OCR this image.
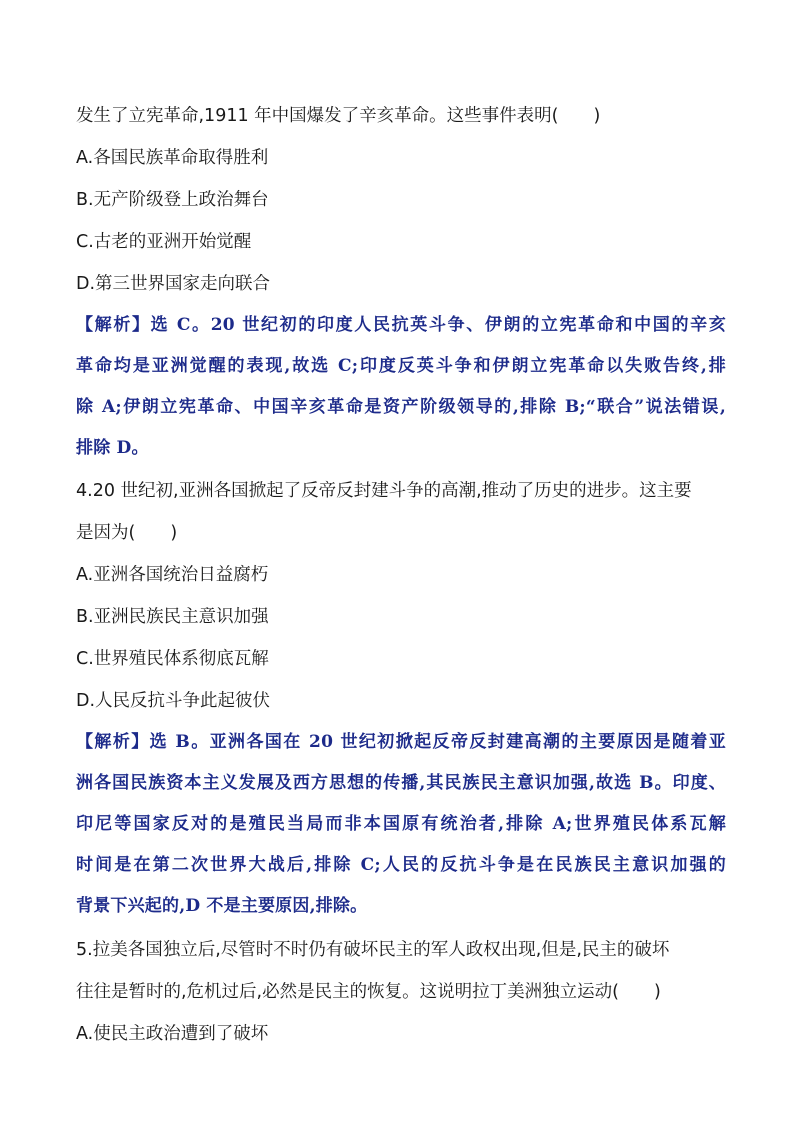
发生了立宪革命,1911 年中国爆发了辛亥革命。这些事件表明(　　)
A.各国民族革命取得胜利
B.无产阶级登上政治舞台
C.古老的亚洲开始觉醒
D.第三世界国家走向联合
【解析】选 C。20 世纪初的印度人民抗英斗争、伊朗的立宪革命和中国的辛亥
革命均是亚洲觉醒的表现,故选 C;印度反英斗争和伊朗立宪革命以失败告终,排
除 A;伊朗立宪革命、中国辛亥革命是资产阶级领导的,排除 B;“联合”说法错误,
排除 D。
4.20 世纪初,亚洲各国掀起了反帝反封建斗争的高潮,推动了历史的进步。这主要
是因为(　　)
A.亚洲各国统治日益腐朽
B.亚洲民族民主意识加强
C.世界殖民体系彻底瓦解
D.人民反抗斗争此起彼伏
【解析】选 B。亚洲各国在 20 世纪初掀起反帝反封建高潮的主要原因是随着亚
洲各国民族资本主义发展及西方思想的传播,其民族民主意识加强,故选 B。印度、
印尼等国家反对的是殖民当局而非本国原有统治者,排除 A;世界殖民体系瓦解
时间是在第二次世界大战后,排除 C;人民的反抗斗争是在民族民主意识加强的
背景下兴起的,D 不是主要原因,排除。
5.拉美各国独立后,尽管时不时仍有破坏民主的军人政权出现,但是,民主的破坏
往往是暂时的,危机过后,必然是民主的恢复。这说明拉丁美洲独立运动(　　)
A.使民主政治遭到了破坏
